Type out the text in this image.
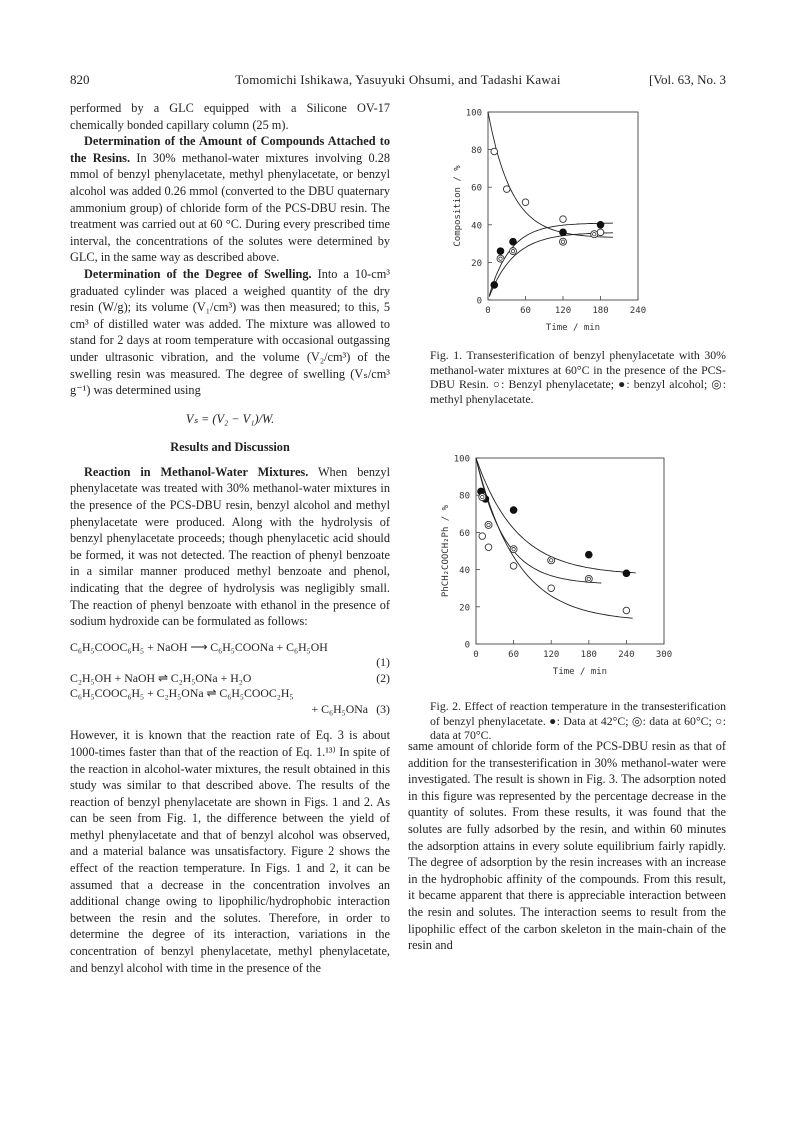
820	Tomomichi Ishikawa, Yasuyuki Ohsumi, and Tadashi Kawai	[Vol. 63, No. 3

performed by a GLC equipped with a Silicone OV-17 chemically bonded capillary column (25 m).

Determination of the Amount of Compounds Attached to the Resins. In 30% methanol-water mixtures involving 0.28 mmol of benzyl phenylacetate, methyl phenylacetate, or benzyl alcohol was added 0.26 mmol (converted to the DBU quaternary ammonium group) of chloride form of the PCS-DBU resin. The treatment was carried out at 60 °C. During every prescribed time interval, the concentrations of the solutes were determined by GLC, in the same way as described above.

Determination of the Degree of Swelling. Into a 10-cm³ graduated cylinder was placed a weighed quantity of the dry resin (W/g); its volume (V₁/cm³) was then measured; to this, 5 cm³ of distilled water was added. The mixture was allowed to stand for 2 days at room temperature with occasional outgassing under ultrasonic vibration, and the volume (V₂/cm³) of the swelling resin was measured. The degree of swelling (Vₛ/cm³ g⁻¹) was determined using

Vₛ = (V₂ − V₁)/W.
Results and Discussion

Reaction in Methanol-Water Mixtures. When benzyl phenylacetate was treated with 30% methanol-water mixtures in the presence of the PCS-DBU resin, benzyl alcohol and methyl phenylacetate were produced. Along with the hydrolysis of benzyl phenylacetate proceeds; though phenylacetic acid should be formed, it was not detected. The reaction of phenyl benzoate in a similar manner produced methyl benzoate and phenol, indicating that the degree of hydrolysis was negligibly small. The reaction of phenyl benzoate with ethanol in the presence of sodium hydroxide can be formulated as follows:

C₆H₅COOC₆H₅ + NaOH ⟶ C₆H₅COONa + C₆H₅OH
(1)
C₂H₅OH + NaOH ⇌ C₂H₅ONa + H₂O	(2)
C₆H₅COOC₆H₅ + C₂H₅ONa ⇌ C₆H₅COOC₂H₅
+ C₆H₅ONa (3)

However, it is known that the reaction rate of Eq. 3 is about 1000-times faster than that of the reaction of Eq. 1.¹³⁾ In spite of the reaction in alcohol-water mixtures, the result obtained in this study was similar to that described above. The results of the reaction of benzyl phenylacetate are shown in Figs. 1 and 2. As can be seen from Fig. 1, the difference between the yield of methyl phenylacetate and that of benzyl alcohol was observed, and a material balance was unsatisfactory. Figure 2 shows the effect of the reaction temperature. In Figs. 1 and 2, it can be assumed that a decrease in the concentration involves an additional change owing to lipophilic/hydrophobic interaction between the resin and the solutes. Therefore, in order to determine the degree of its interaction, variations in the concentration of benzyl phenylacetate, methyl phenylacetate, and benzyl alcohol with time in the presence of the

0
20
40
60
80
100
0	60	120 180 240
Time / min
Composition / %
Fig. 1. Transesterification of benzyl phenylacetate with 30% methanol-water mixtures at 60°C in the presence of the PCS-DBU Resin. ○: Benzyl phenylacetate; ●: benzyl alcohol; ◎: methyl phenylacetate.
0
20
40
60
80
100
0	60	120 180 240 300
Time / min
PhCH₂COOCH₂Ph / %
Fig. 2. Effect of reaction temperature in the transesterification of benzyl phenylacetate. ●: Data at 42°C; ◎: data at 60°C; ○: data at 70°C.

same amount of chloride form of the PCS-DBU resin as that of addition for the transesterification in 30% methanol-water were investigated. The result is shown in Fig. 3. The adsorption noted in this figure was represented by the percentage decrease in the quantity of solutes. From these results, it was found that the solutes are fully adsorbed by the resin, and within 60 minutes the adsorption attains in every solute equilibrium fairly rapidly. The degree of adsorption by the resin increases with an increase in the hydrophobic affinity of the compounds. From this result, it became apparent that there is appreciable interaction between the resin and solutes. The interaction seems to result from the lipophilic effect of the carbon skeleton in the main-chain of the resin and
